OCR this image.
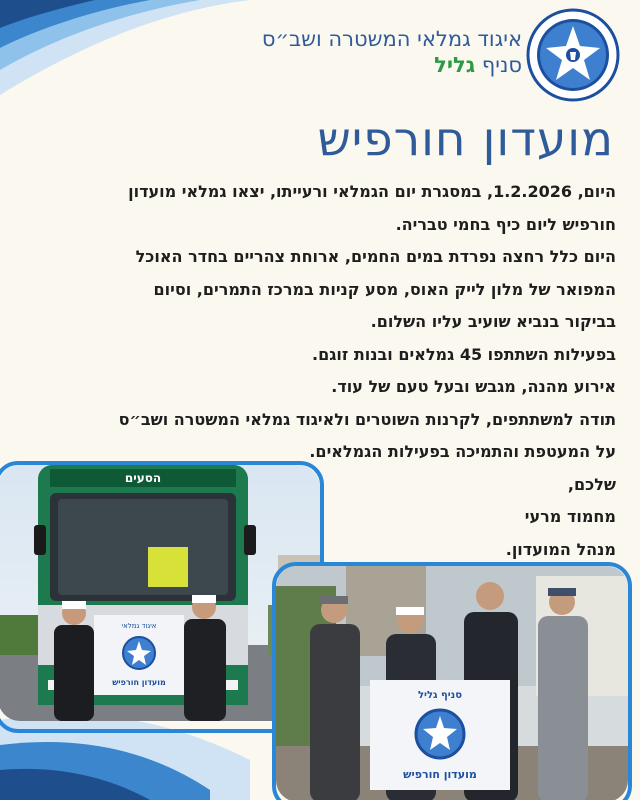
איגוד גמלאי המשטרה ושב״ס
סניף גליל
מועדון חורפיש
היום, 1.2.2026, במסגרת יום הגמלאי ורעייתו, יצאו גמלאי מועדון
חורפיש ליום כיף בחמי טבריה.
היום כלל רחצה נפרדת במים החמים, ארוחת צהריים בחדר האוכל
המפואר של מלון לייק האוס, מסע קניות במרכז התמרים, וסיום
בביקור בנביא שועיב עליו השלום.
בפעילות השתתפו 45 גמלאים ובנות זוגם.
אירוע מהנה, מגבש ובעל טעם של עוד.
תודה למשתתפים, לקרנות השוטרים ולאיגוד גמלאי המשטרה ושב״ס
על המעטפת והתמיכה בפעילות הגמלאים.
שלכם,
מחמוד מרעי
מנהל המועדון.
הסעים
איגוד גמלאי
מועדון חורפיש
סניף גליל
מועדון חורפיש
